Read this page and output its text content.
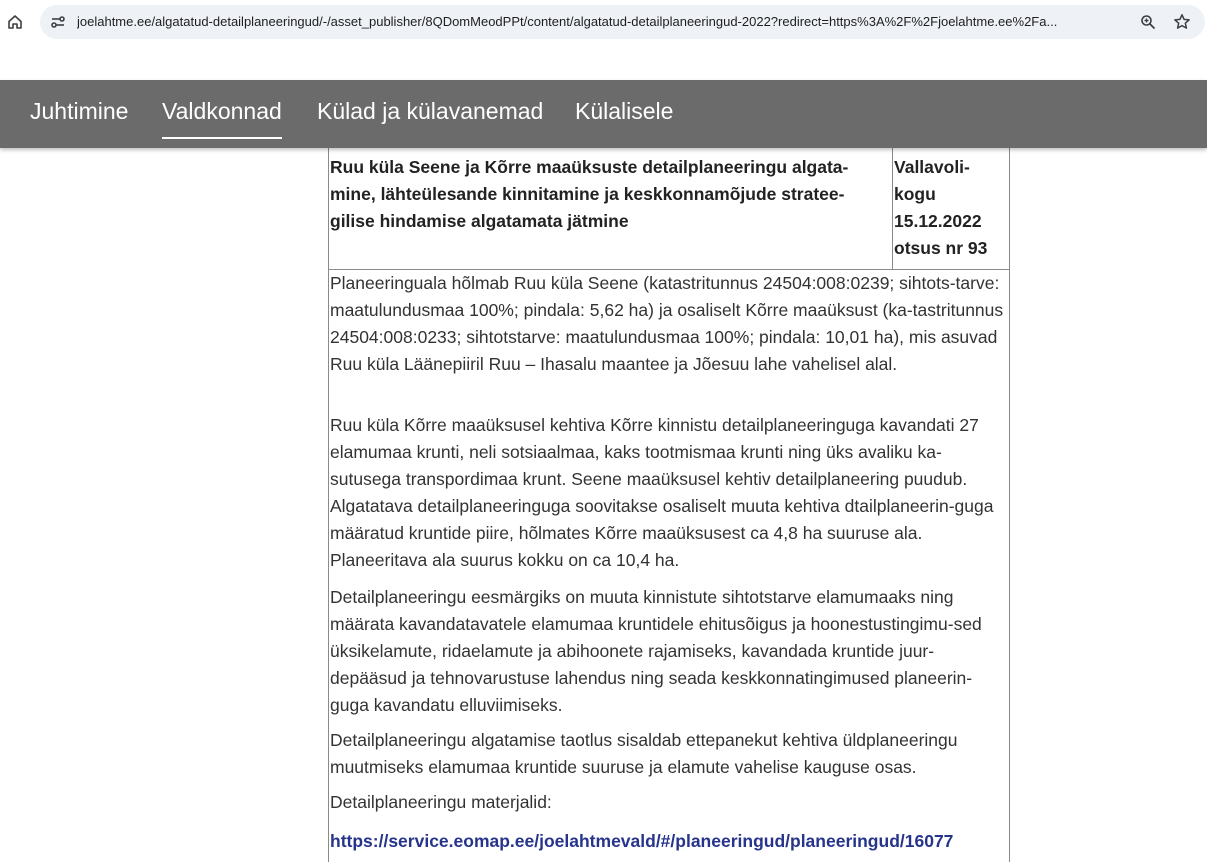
joelahtme.ee/algatatud-detailplaneeringud/-/asset_publisher/8QDomMeodPPt/content/algatatud-detailplaneeringud-2022?redirect=https%3A%2F%2Fjoelahtme.ee%2Fa...
Juhtimine Valdkonnad Külad ja külavanemad Külalisele
Ruu küla Seene ja Kõrre maaüksuste detailplaneeringu algata-mine, lähteülesande kinnitamine ja keskkonnamõjude stratee-gilise hindamise algatamata jätmine
Vallavoli-kogu 15.12.2022 otsus nr 93
Planeeringuala hõlmab Ruu küla Seene (katastritunnus 24504:008:0239; sihtots-tarve: maatulundusmaa 100%; pindala: 5,62 ha) ja osaliselt Kõrre maaüksust (ka-tastritunnus 24504:008:0233; sihtotstarve: maatulundusmaa 100%; pindala: 10,01 ha), mis asuvad Ruu küla Läänepiiril Ruu – Ihasalu maantee ja Jõesuu lahe vahelisel alal.
Ruu küla Kõrre maaüksusel kehtiva Kõrre kinnistu detailplaneeringuga kavandati 27 elamumaa krunti, neli sotsiaalmaa, kaks tootmismaa krunti ning üks avaliku ka-sutusega transpordimaa krunt. Seene maaüksusel kehtiv detailplaneering puudub. Algatatava detailplaneeringuga soovitakse osaliselt muuta kehtiva dtailplaneerin-guga määratud kruntide piire, hõlmates Kõrre maaüksusest ca 4,8 ha suuruse ala. Planeeritava ala suurus kokku on ca 10,4 ha.
Detailplaneeringu eesmärgiks on muuta kinnistute sihtotstarve elamumaaks ning määrata kavandatavatele elamumaa kruntidele ehitusõigus ja hoonestustingimu-sed üksikelamute, ridaelamute ja abihoonete rajamiseks, kavandada kruntide juur-depääsud ja tehnovarustuse lahendus ning seada keskkonnatingimused planeerin-guga kavandatu elluviimiseks.
Detailplaneeringu algatamise taotlus sisaldab ettepanekut kehtiva üldplaneeringu muutmiseks elamumaa kruntide suuruse ja elamute vahelise kauguse osas.
Detailplaneeringu materjalid:
https://service.eomap.ee/joelahtmevald/#/planeeringud/planeeringud/16077
